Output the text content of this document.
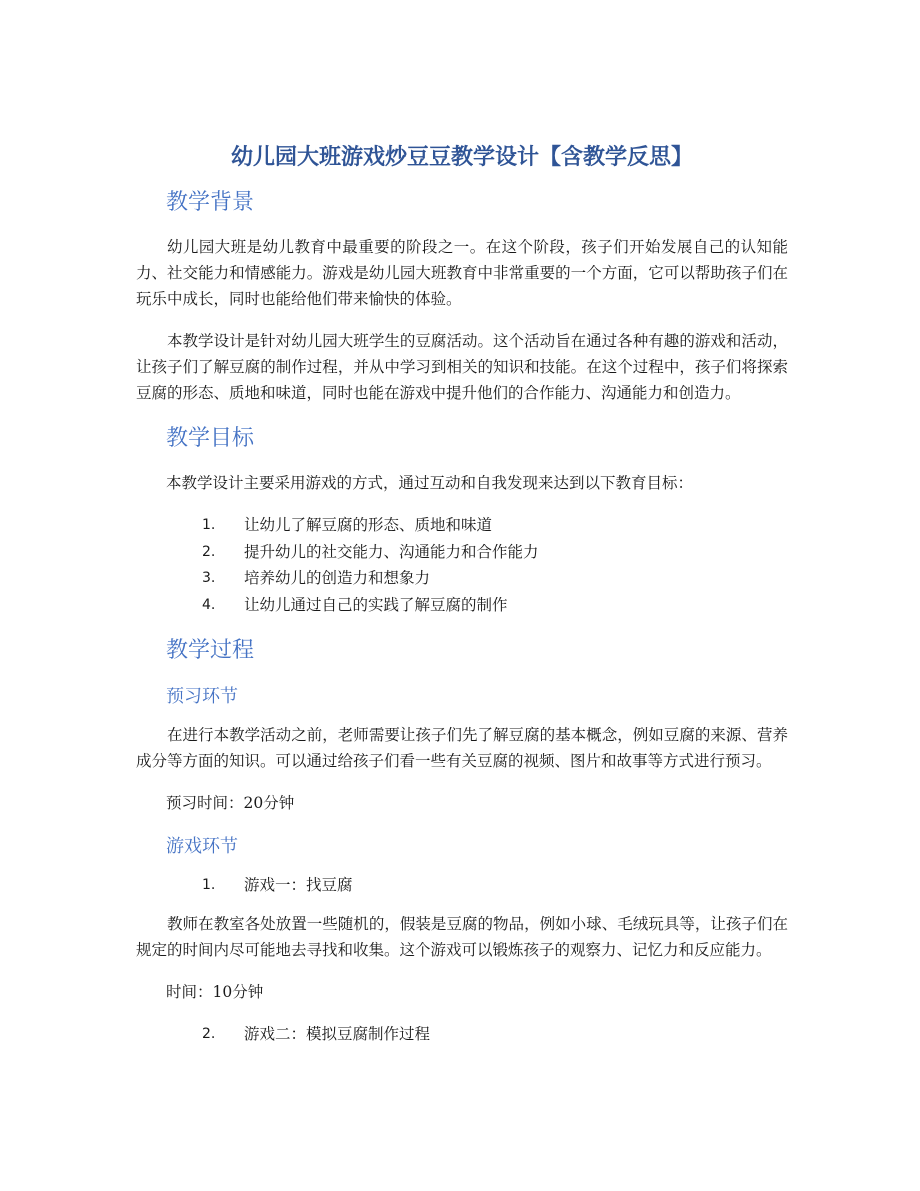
幼儿园大班游戏炒豆豆教学设计【含教学反思】
教学背景

幼儿园大班是幼儿教育中最重要的阶段之一。在这个阶段，孩子们开始发展自己的认知能力、社交能力和情感能力。游戏是幼儿园大班教育中非常重要的一个方面，它可以帮助孩子们在玩乐中成长，同时也能给他们带来愉快的体验。

本教学设计是针对幼儿园大班学生的豆腐活动。这个活动旨在通过各种有趣的游戏和活动，让孩子们了解豆腐的制作过程，并从中学习到相关的知识和技能。在这个过程中，孩子们将探索豆腐的形态、质地和味道，同时也能在游戏中提升他们的合作能力、沟通能力和创造力。

教学目标

本教学设计主要采用游戏的方式，通过互动和自我发现来达到以下教育目标：

1. 让幼儿了解豆腐的形态、质地和味道
2. 提升幼儿的社交能力、沟通能力和合作能力
3. 培养幼儿的创造力和想象力
4. 让幼儿通过自己的实践了解豆腐的制作
教学过程
预习环节

在进行本教学活动之前，老师需要让孩子们先了解豆腐的基本概念，例如豆腐的来源、营养成分等方面的知识。可以通过给孩子们看一些有关豆腐的视频、图片和故事等方式进行预习。

预习时间：20分钟

游戏环节
1. 游戏一：找豆腐

教师在教室各处放置一些随机的，假装是豆腐的物品，例如小球、毛绒玩具等，让孩子们在规定的时间内尽可能地去寻找和收集。这个游戏可以锻炼孩子的观察力、记忆力和反应能力。

时间：10分钟

2. 游戏二：模拟豆腐制作过程
